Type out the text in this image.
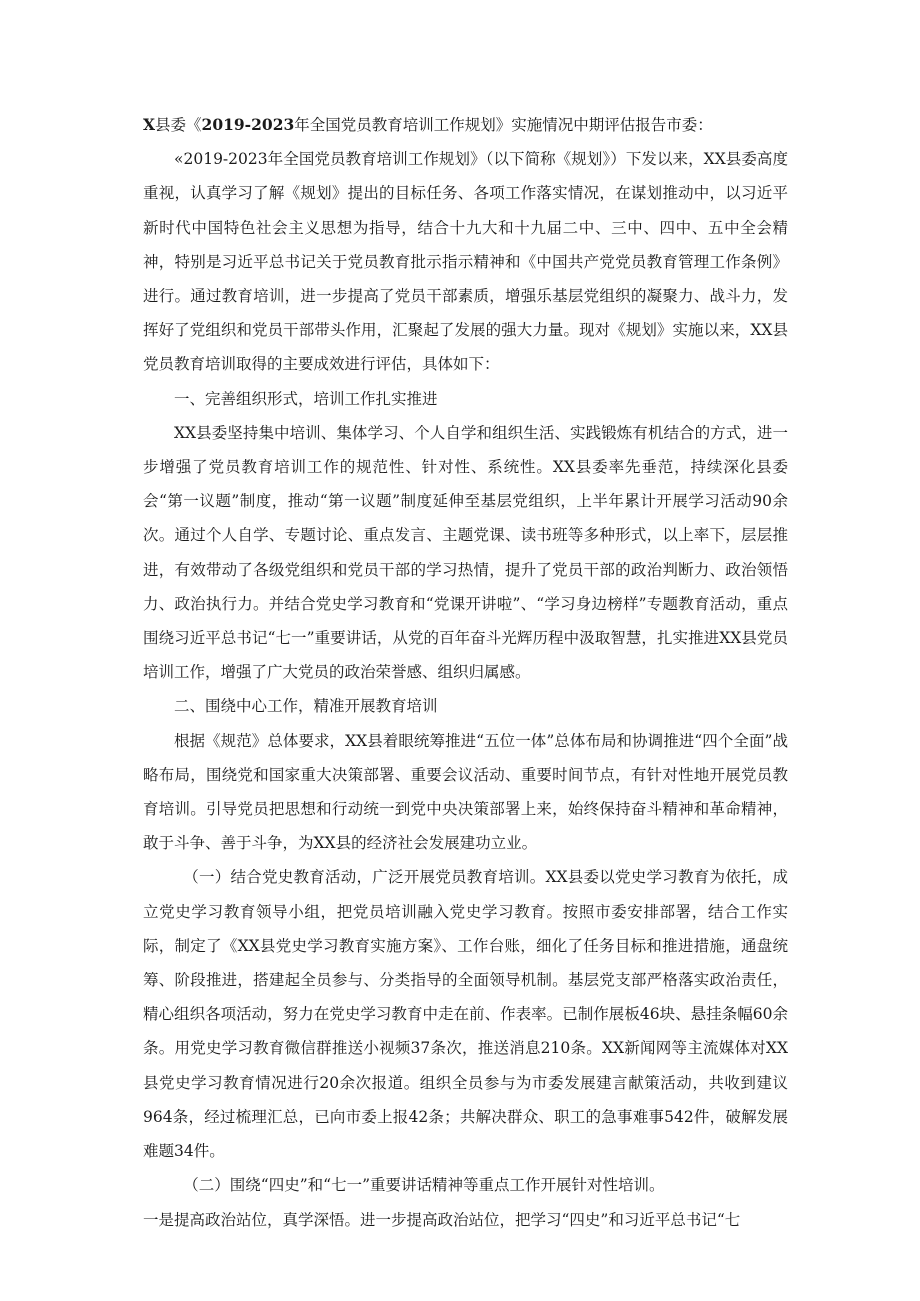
X县委《2019-2023年全国党员教育培训工作规划》实施情况中期评估报告市委：

«2019-2023年全国党员教育培训工作规划》（以下简称《规划》）下发以来，XX县委高度重视，认真学习了解《规划》提出的目标任务、各项工作落实情况，在谋划推动中，以习近平新时代中国特色社会主义思想为指导，结合十九大和十九届二中、三中、四中、五中全会精神，特别是习近平总书记关于党员教育批示指示精神和《中国共产党党员教育管理工作条例》进行。通过教育培训，进一步提高了党员干部素质，增强乐基层党组织的凝聚力、战斗力，发挥好了党组织和党员干部带头作用，汇聚起了发展的强大力量。现对《规划》实施以来，XX县党员教育培训取得的主要成效进行评估，具体如下：

一、完善组织形式，培训工作扎实推进

XX县委坚持集中培训、集体学习、个人自学和组织生活、实践锻炼有机结合的方式，进一步增强了党员教育培训工作的规范性、针对性、系统性。XX县委率先垂范，持续深化县委会“第一议题”制度，推动“第一议题”制度延伸至基层党组织，上半年累计开展学习活动90余次。通过个人自学、专题讨论、重点发言、主题党课、读书班等多种形式，以上率下，层层推进，有效带动了各级党组织和党员干部的学习热情，提升了党员干部的政治判断力、政治领悟力、政治执行力。并结合党史学习教育和“党课开讲啦”、“学习身边榜样”专题教育活动，重点围绕习近平总书记“七一”重要讲话，从党的百年奋斗光辉历程中汲取智慧，扎实推进XX县党员培训工作，增强了广大党员的政治荣誉感、组织归属感。

二、围绕中心工作，精准开展教育培训

根据《规范》总体要求，XX县着眼统筹推进“五位一体”总体布局和协调推进“四个全面”战略布局，围绕党和国家重大决策部署、重要会议活动、重要时间节点，有针对性地开展党员教育培训。引导党员把思想和行动统一到党中央决策部署上来，始终保持奋斗精神和革命精神，敢于斗争、善于斗争，为XX县的经济社会发展建功立业。

（一）结合党史教育活动，广泛开展党员教育培训。XX县委以党史学习教育为依托，成立党史学习教育领导小组，把党员培训融入党史学习教育。按照市委安排部署，结合工作实际，制定了《XX县党史学习教育实施方案》、工作台账，细化了任务目标和推进措施，通盘统筹、阶段推进，搭建起全员参与、分类指导的全面领导机制。基层党支部严格落实政治责任，精心组织各项活动，努力在党史学习教育中走在前、作表率。已制作展板46块、悬挂条幅60余条。用党史学习教育微信群推送小视频37条次，推送消息210条。XX新闻网等主流媒体对XX县党史学习教育情况进行20余次报道。组织全员参与为市委发展建言献策活动，共收到建议964条，经过梳理汇总，已向市委上报42条；共解决群众、职工的急事难事542件，破解发展难题34件。

（二）围绕“四史”和“七一”重要讲话精神等重点工作开展针对性培训。

一是提高政治站位，真学深悟。进一步提高政治站位，把学习“四史”和习近平总书记“七
